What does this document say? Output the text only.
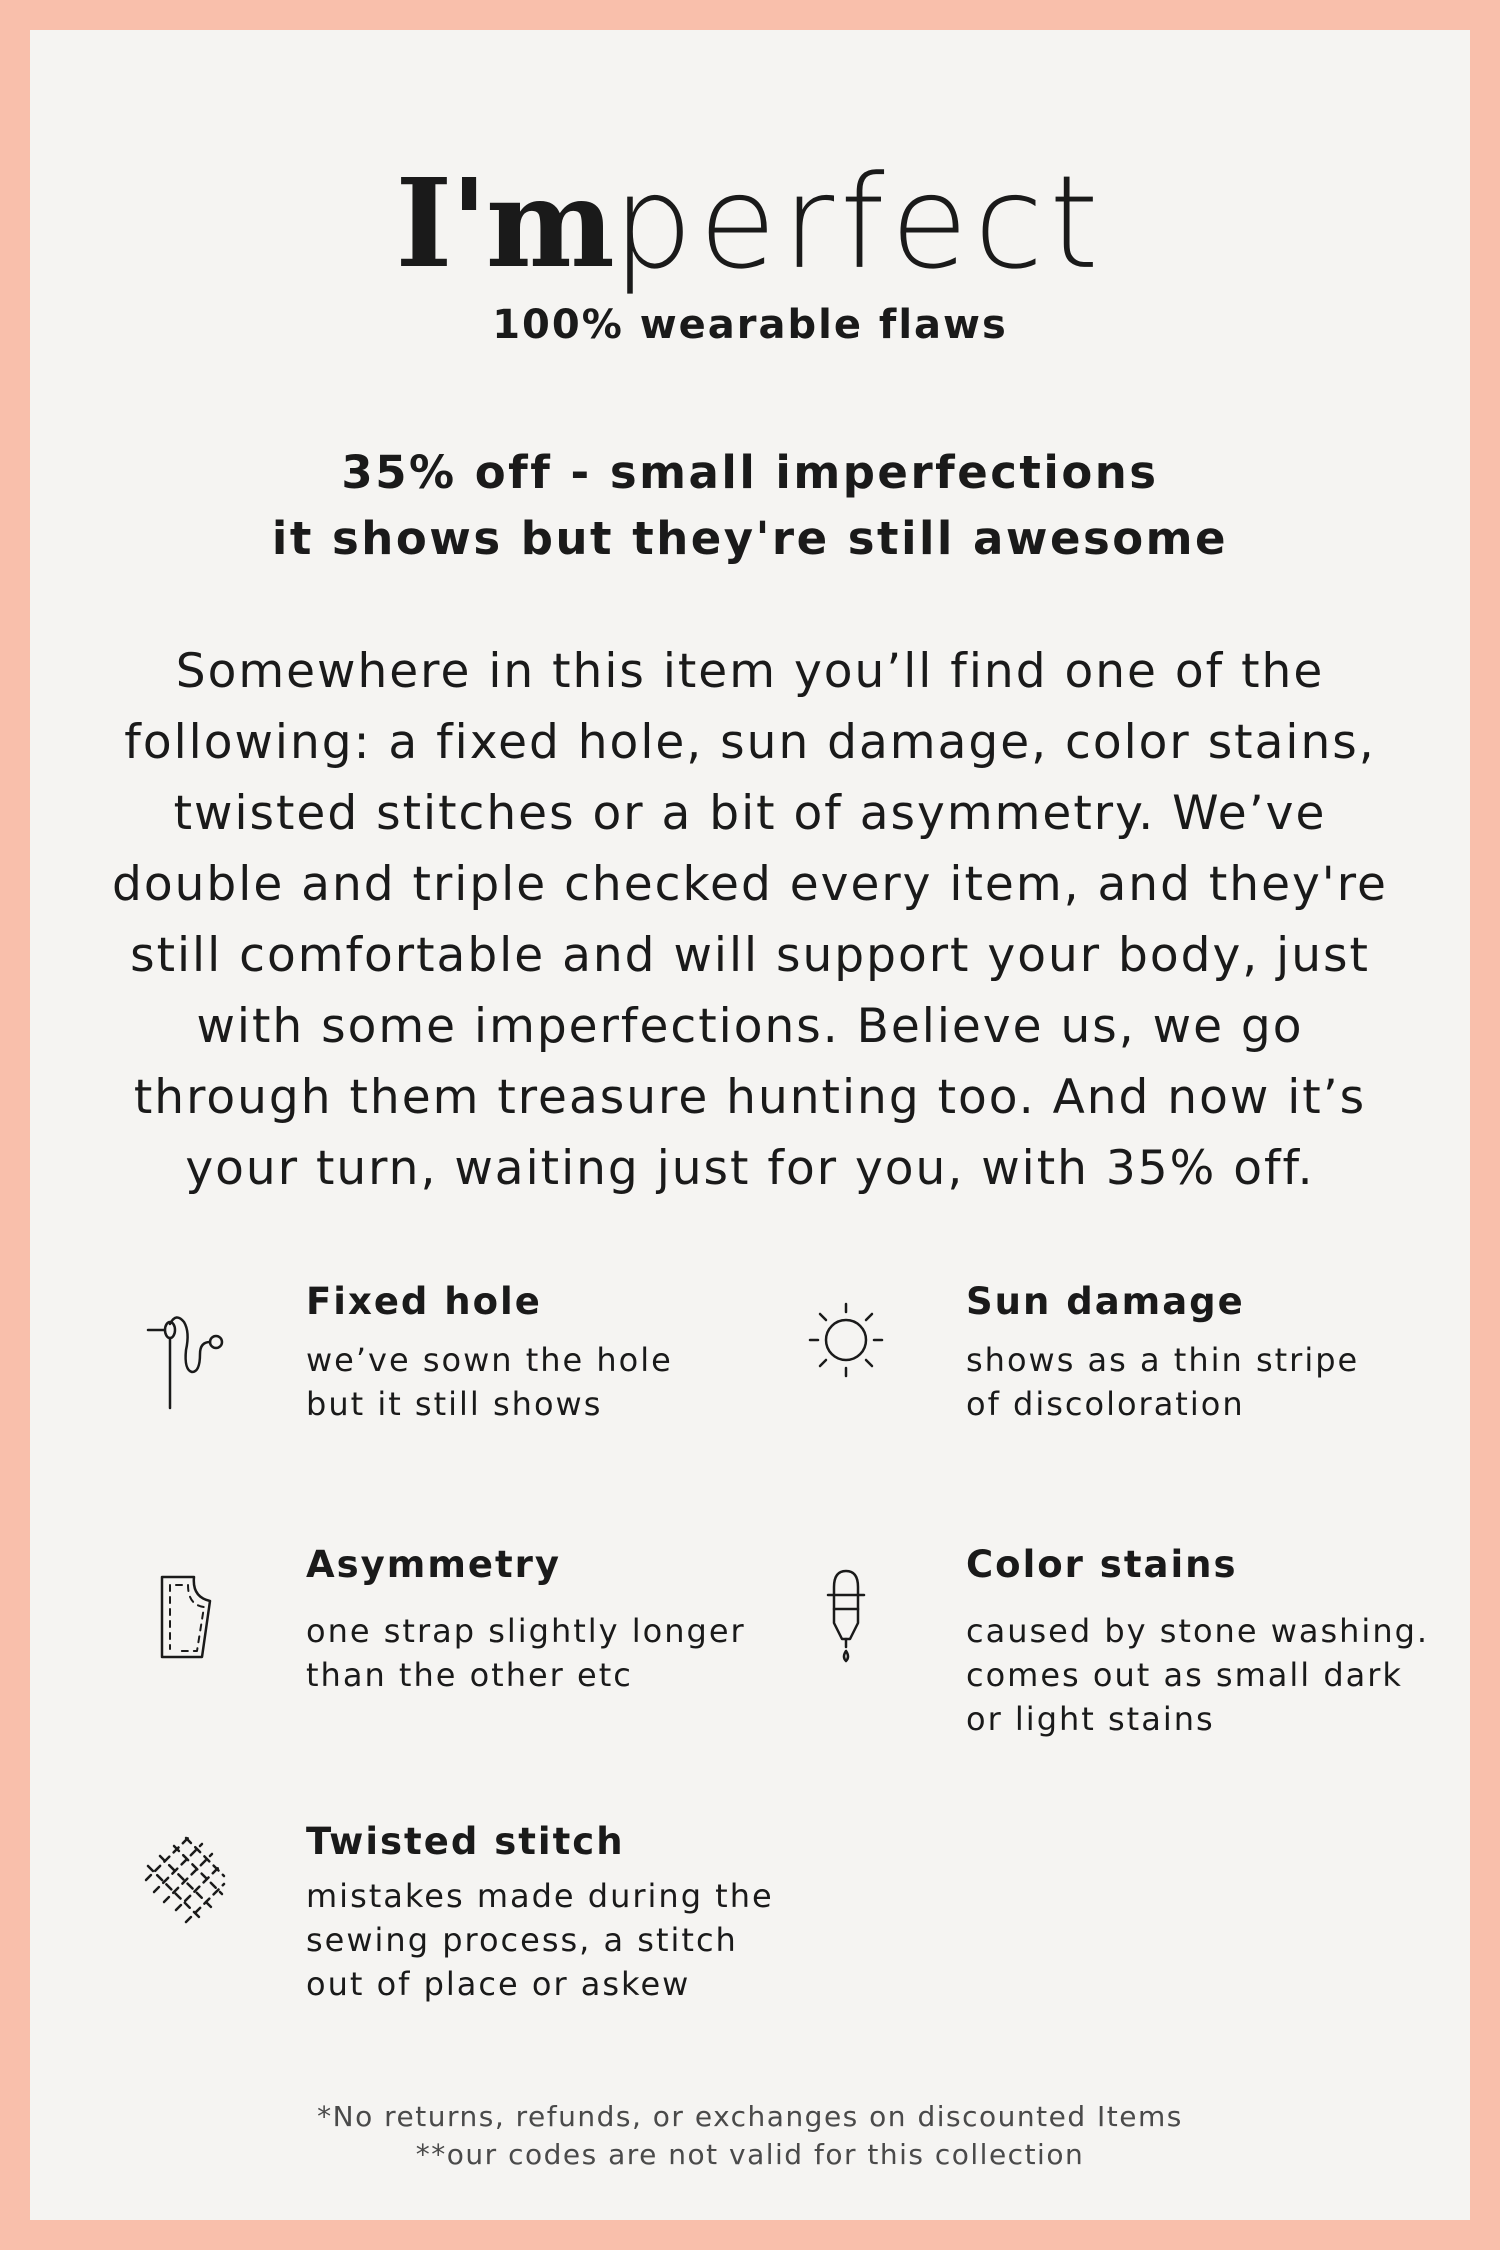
I'mperfect
100% wearable flaws
35% off - small imperfections
it shows but they're still awesome
Somewhere in this item you’ll find one of the following: a fixed hole, sun damage, color stains, twisted stitches or a bit of asymmetry. We’ve double and triple checked every item, and they're still comfortable and will support your body, just with some imperfections. Believe us, we go through them treasure hunting too. And now it’s your turn, waiting just for you, with 35% off.
Fixed hole
we’ve sown the hole
but it still shows
Sun damage
shows as a thin stripe
of discoloration
Asymmetry
one strap slightly longer
than the other etc
Color stains
caused by stone washing.
comes out as small dark
or light stains
Twisted stitch
mistakes made during the
sewing process, a stitch
out of place or askew
*No returns, refunds, or exchanges on discounted Items
**our codes are not valid for this collection
